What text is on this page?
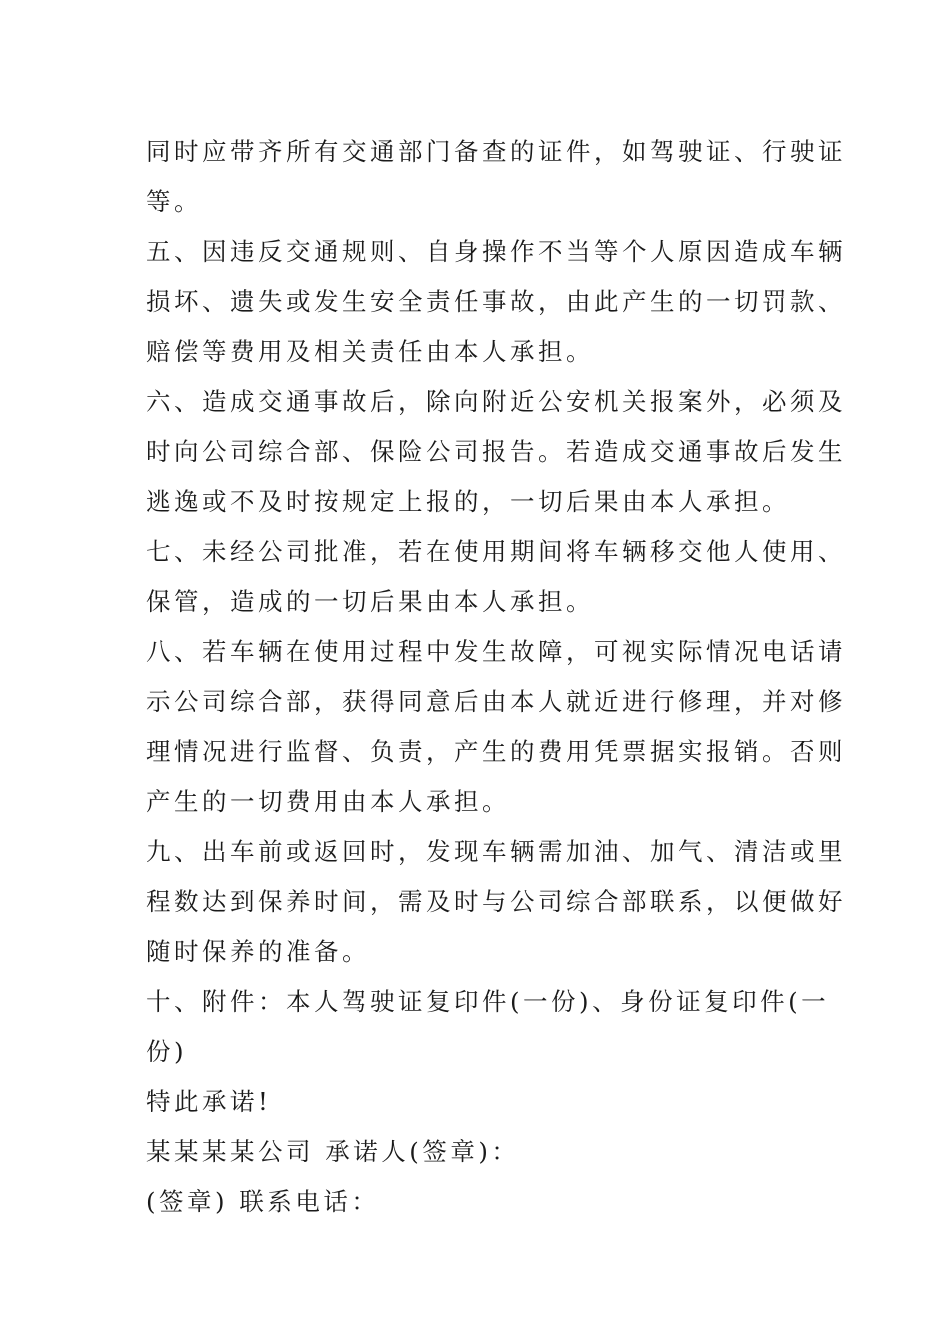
同时应带齐所有交通部门备查的证件，如驾驶证、行驶证
等。

五、因违反交通规则、自身操作不当等个人原因造成车辆
损坏、遗失或发生安全责任事故，由此产生的一切罚款、
赔偿等费用及相关责任由本人承担。

六、造成交通事故后，除向附近公安机关报案外，必须及
时向公司综合部、保险公司报告。若造成交通事故后发生
逃逸或不及时按规定上报的，一切后果由本人承担。

七、未经公司批准，若在使用期间将车辆移交他人使用、
保管，造成的一切后果由本人承担。

八、若车辆在使用过程中发生故障，可视实际情况电话请
示公司综合部，获得同意后由本人就近进行修理，并对修
理情况进行监督、负责，产生的费用凭票据实报销。否则
产生的一切费用由本人承担。

九、出车前或返回时，发现车辆需加油、加气、清洁或里
程数达到保养时间，需及时与公司综合部联系，以便做好
随时保养的准备。

十、附件：本人驾驶证复印件(一份)、身份证复印件(一
份)

特此承诺!

某某某某公司 承诺人(签章)：

(签章) 联系电话：
